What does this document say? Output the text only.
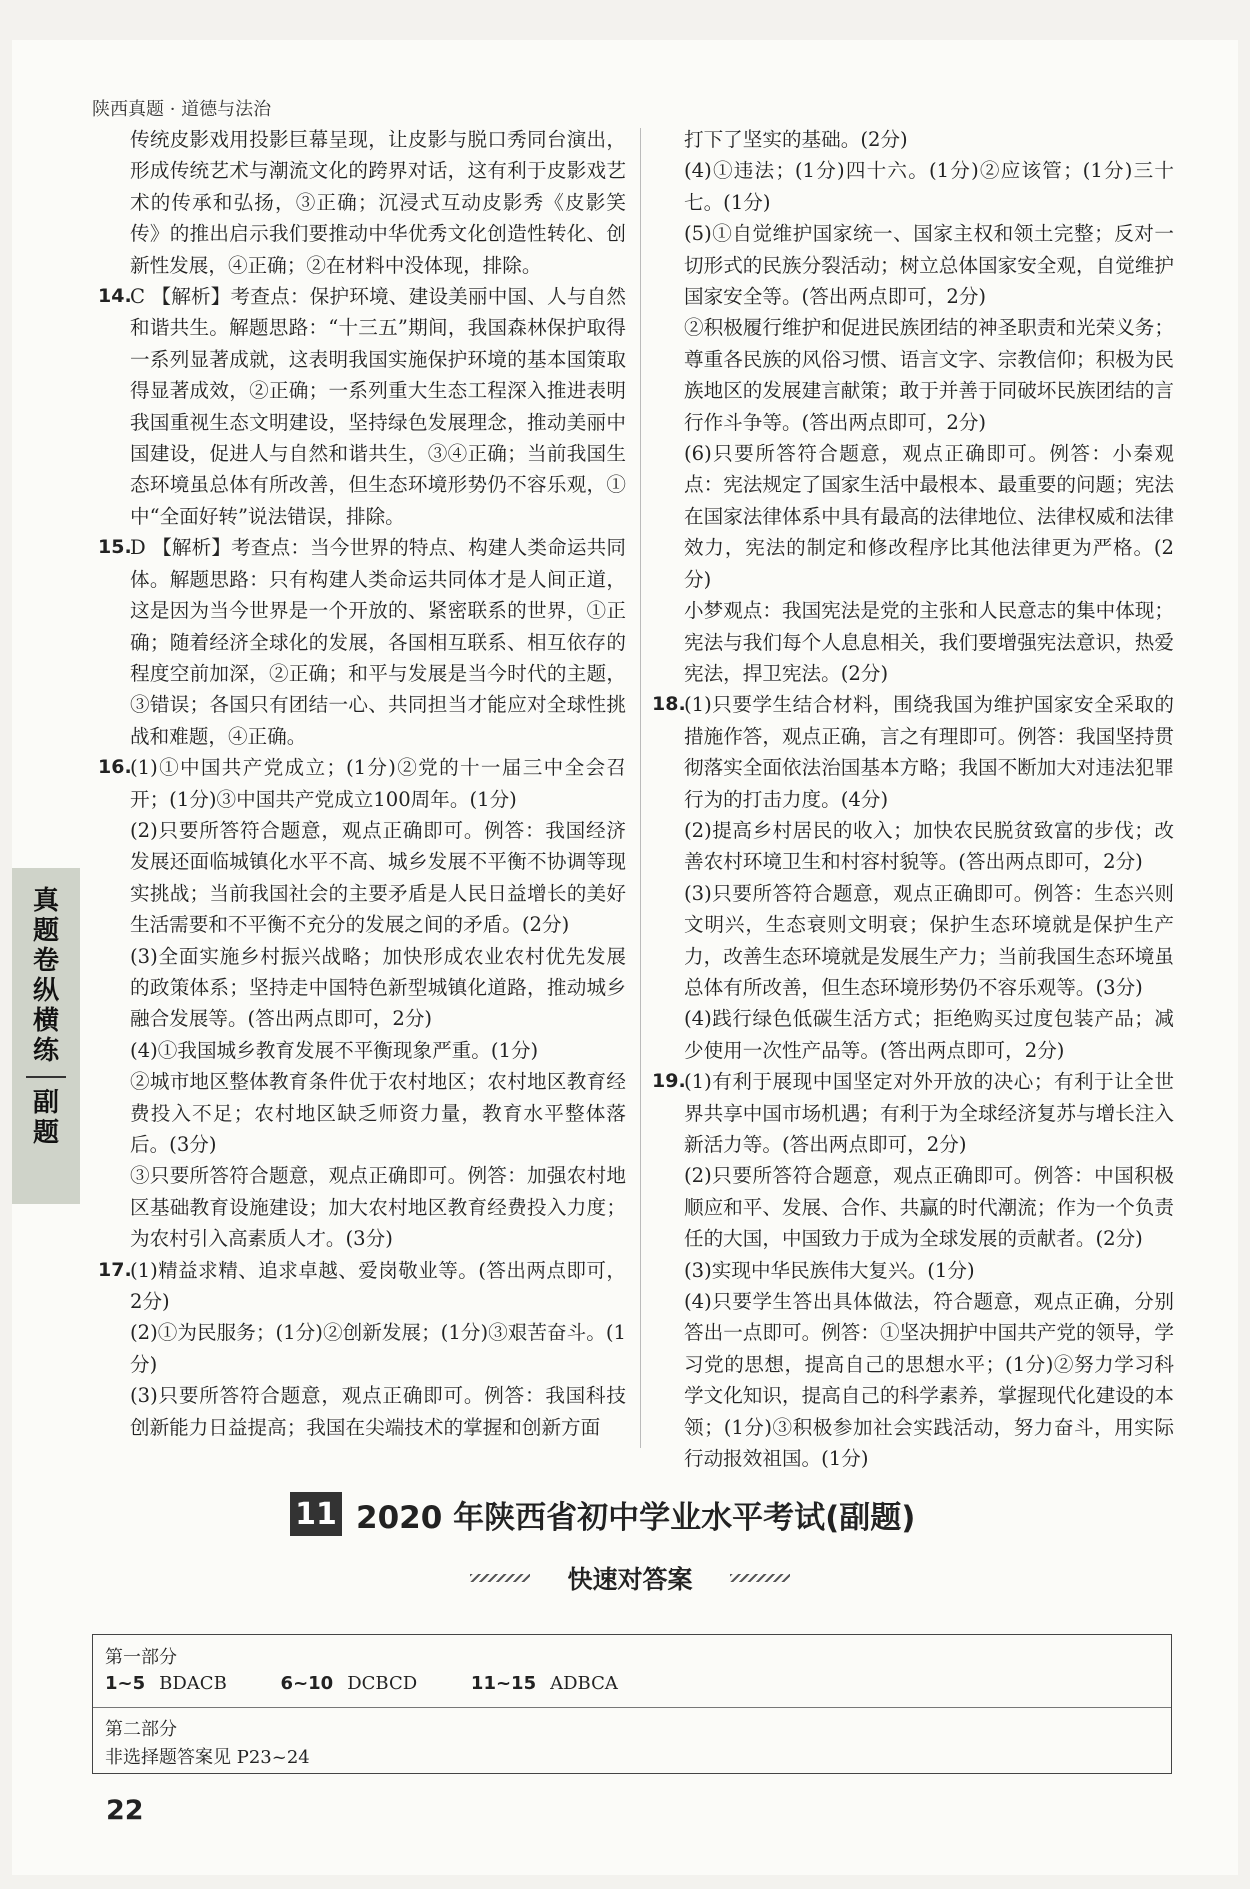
陕西真题 · 道德与法治

传统皮影戏用投影巨幕呈现，让皮影与脱口秀同台演出，形成传统艺术与潮流文化的跨界对话，这有利于皮影戏艺术的传承和弘扬，③正确；沉浸式互动皮影秀《皮影笑传》的推出启示我们要推动中华优秀文化创造性转化、创新性发展，④正确；②在材料中没体现，排除。

14.

C 【解析】考查点：保护环境、建设美丽中国、人与自然和谐共生。解题思路：“十三五”期间，我国森林保护取得一系列显著成就，这表明我国实施保护环境的基本国策取得显著成效，②正确；一系列重大生态工程深入推进表明我国重视生态文明建设，坚持绿色发展理念，推动美丽中国建设，促进人与自然和谐共生，③④正确；当前我国生态环境虽总体有所改善，但生态环境形势仍不容乐观，①中“全面好转”说法错误，排除。

15.

D 【解析】考查点：当今世界的特点、构建人类命运共同体。解题思路：只有构建人类命运共同体才是人间正道，这是因为当今世界是一个开放的、紧密联系的世界，①正确；随着经济全球化的发展，各国相互联系、相互依存的程度空前加深，②正确；和平与发展是当今时代的主题，③错误；各国只有团结一心、共同担当才能应对全球性挑战和难题，④正确。

16.

(1)①中国共产党成立；(1分)②党的十一届三中全会召开；(1分)③中国共产党成立100周年。(1分)

(2)只要所答符合题意，观点正确即可。例答：我国经济发展还面临城镇化水平不高、城乡发展不平衡不协调等现实挑战；当前我国社会的主要矛盾是人民日益增长的美好生活需要和不平衡不充分的发展之间的矛盾。(2分)

(3)全面实施乡村振兴战略；加快形成农业农村优先发展的政策体系；坚持走中国特色新型城镇化道路，推动城乡融合发展等。(答出两点即可，2分)

(4)①我国城乡教育发展不平衡现象严重。(1分)

②城市地区整体教育条件优于农村地区；农村地区教育经费投入不足；农村地区缺乏师资力量，教育水平整体落后。(3分)

③只要所答符合题意，观点正确即可。例答：加强农村地区基础教育设施建设；加大农村地区教育经费投入力度；为农村引入高素质人才。(3分)

17.

(1)精益求精、追求卓越、爱岗敬业等。(答出两点即可，2分)

(2)①为民服务；(1分)②创新发展；(1分)③艰苦奋斗。(1分)

(3)只要所答符合题意，观点正确即可。例答：我国科技创新能力日益提高；我国在尖端技术的掌握和创新方面

打下了坚实的基础。(2分)

(4)①违法；(1分)四十六。(1分)②应该管；(1分)三十七。(1分)

(5)①自觉维护国家统一、国家主权和领土完整；反对一切形式的民族分裂活动；树立总体国家安全观，自觉维护国家安全等。(答出两点即可，2分)

②积极履行维护和促进民族团结的神圣职责和光荣义务；尊重各民族的风俗习惯、语言文字、宗教信仰；积极为民族地区的发展建言献策；敢于并善于同破坏民族团结的言行作斗争等。(答出两点即可，2分)

(6)只要所答符合题意，观点正确即可。例答：小秦观点：宪法规定了国家生活中最根本、最重要的问题；宪法在国家法律体系中具有最高的法律地位、法律权威和法律效力，宪法的制定和修改程序比其他法律更为严格。(2分)

小梦观点：我国宪法是党的主张和人民意志的集中体现；宪法与我们每个人息息相关，我们要增强宪法意识，热爱宪法，捍卫宪法。(2分)

18.

(1)只要学生结合材料，围绕我国为维护国家安全采取的措施作答，观点正确，言之有理即可。例答：我国坚持贯彻落实全面依法治国基本方略；我国不断加大对违法犯罪行为的打击力度。(4分)

(2)提高乡村居民的收入；加快农民脱贫致富的步伐；改善农村环境卫生和村容村貌等。(答出两点即可，2分)

(3)只要所答符合题意，观点正确即可。例答：生态兴则文明兴，生态衰则文明衰；保护生态环境就是保护生产力，改善生态环境就是发展生产力；当前我国生态环境虽总体有所改善，但生态环境形势仍不容乐观等。(3分)

(4)践行绿色低碳生活方式；拒绝购买过度包装产品；减少使用一次性产品等。(答出两点即可，2分)

19.

(1)有利于展现中国坚定对外开放的决心；有利于让全世界共享中国市场机遇；有利于为全球经济复苏与增长注入新活力等。(答出两点即可，2分)

(2)只要所答符合题意，观点正确即可。例答：中国积极顺应和平、发展、合作、共赢的时代潮流；作为一个负责任的大国，中国致力于成为全球发展的贡献者。(2分)

(3)实现中华民族伟大复兴。(1分)

(4)只要学生答出具体做法，符合题意，观点正确，分别答出一点即可。例答：①坚决拥护中国共产党的领导，学习党的思想，提高自己的思想水平；(1分)②努力学习科学文化知识，提高自己的科学素养，掌握现代化建设的本领；(1分)③积极参加社会实践活动，努力奋斗，用实际行动报效祖国。(1分)

真题卷纵横练
副题
11 2020 年陕西省初中学业水平考试(副题)
快速对答案
第一部分
1~5 BDACB	6~10 DCBCD	11~15 ADBCA
第二部分
非选择题答案见 P23~24
22
